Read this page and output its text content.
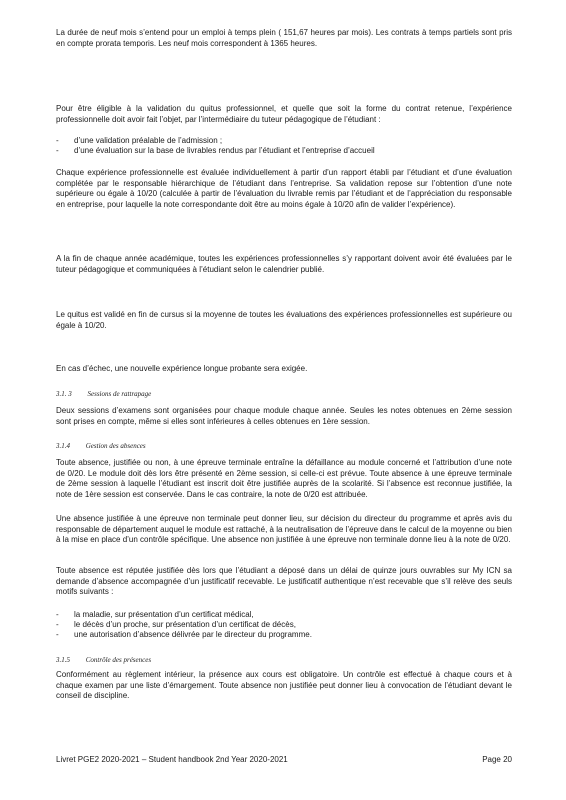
La durée de neuf mois s’entend pour un emploi à temps plein ( 151,67 heures par mois). Les contrats à temps partiels sont pris en compte prorata temporis. Les neuf mois correspondent à 1365 heures.

Pour être éligible à la validation du quitus professionnel, et quelle que soit la forme du contrat retenue, l’expérience professionnelle doit avoir fait l’objet, par l’intermédiaire du tuteur pédagogique de l’étudiant :

- d’une validation préalable de l’admission ;
- d’une évaluation sur la base de livrables rendus par l’étudiant et l’entreprise d’accueil

Chaque expérience professionnelle est évaluée individuellement à partir d’un rapport établi par l’étudiant et d’une évaluation complétée par le responsable hiérarchique de l’étudiant dans l’entreprise. Sa validation repose sur l’obtention d’une note supérieure ou égale à 10/20 (calculée à partir de l’évaluation du livrable remis par l’étudiant et de l’appréciation du responsable en entreprise, pour laquelle la note correspondante doit être au moins égale à 10/20 afin de valider l’expérience).

A la fin de chaque année académique, toutes les expériences professionnelles s’y rapportant doivent avoir été évaluées par le tuteur pédagogique et communiquées à l’étudiant selon le calendrier publié.

Le quitus est validé en fin de cursus si la moyenne de toutes les évaluations des expériences professionnelles est supérieure ou égale à 10/20.

En cas d’échec, une nouvelle expérience longue probante sera exigée.

3.1. 3 Sessions de rattrapage

Deux sessions d’examens sont organisées pour chaque module chaque année. Seules les notes obtenues en 2ème session sont prises en compte, même si elles sont inférieures à celles obtenues en 1ère session.

3.1.4 Gestion des absences

Toute absence, justifiée ou non, à une épreuve terminale entraîne la défaillance au module concerné et l’attribution d’une note de 0/20. Le module doit dès lors être présenté en 2ème session, si celle-ci est prévue. Toute absence à une épreuve terminale de 2ème session à laquelle l’étudiant est inscrit doit être justifiée auprès de la scolarité. Si l’absence est reconnue justifiée, la note de 1ère session est conservée. Dans le cas contraire, la note de 0/20 est attribuée.

Une absence justifiée à une épreuve non terminale peut donner lieu, sur décision du directeur du programme et après avis du responsable de département auquel le module est rattaché, à la neutralisation de l’épreuve dans le calcul de la moyenne ou bien à la mise en place d’un contrôle spécifique. Une absence non justifiée à une épreuve non terminale donne lieu à la note de 0/20.

Toute absence est réputée justifiée dès lors que l’étudiant a déposé dans un délai de quinze jours ouvrables sur My ICN sa demande d’absence accompagnée d’un justificatif recevable. Le justificatif authentique n’est recevable que s’il relève des seuls motifs suivants :

- la maladie, sur présentation d’un certificat médical,
- le décès d’un proche, sur présentation d’un certificat de décès,
- une autorisation d’absence délivrée par le directeur du programme.
3.1.5 Contrôle des présences

Conformément au règlement intérieur, la présence aux cours est obligatoire. Un contrôle est effectué à chaque cours et à chaque examen par une liste d’émargement. Toute absence non justifiée peut donner lieu à convocation de l’étudiant devant le conseil de discipline.

Livret PGE2 2020-2021 – Student handbook 2nd Year 2020-2021	Page 20
